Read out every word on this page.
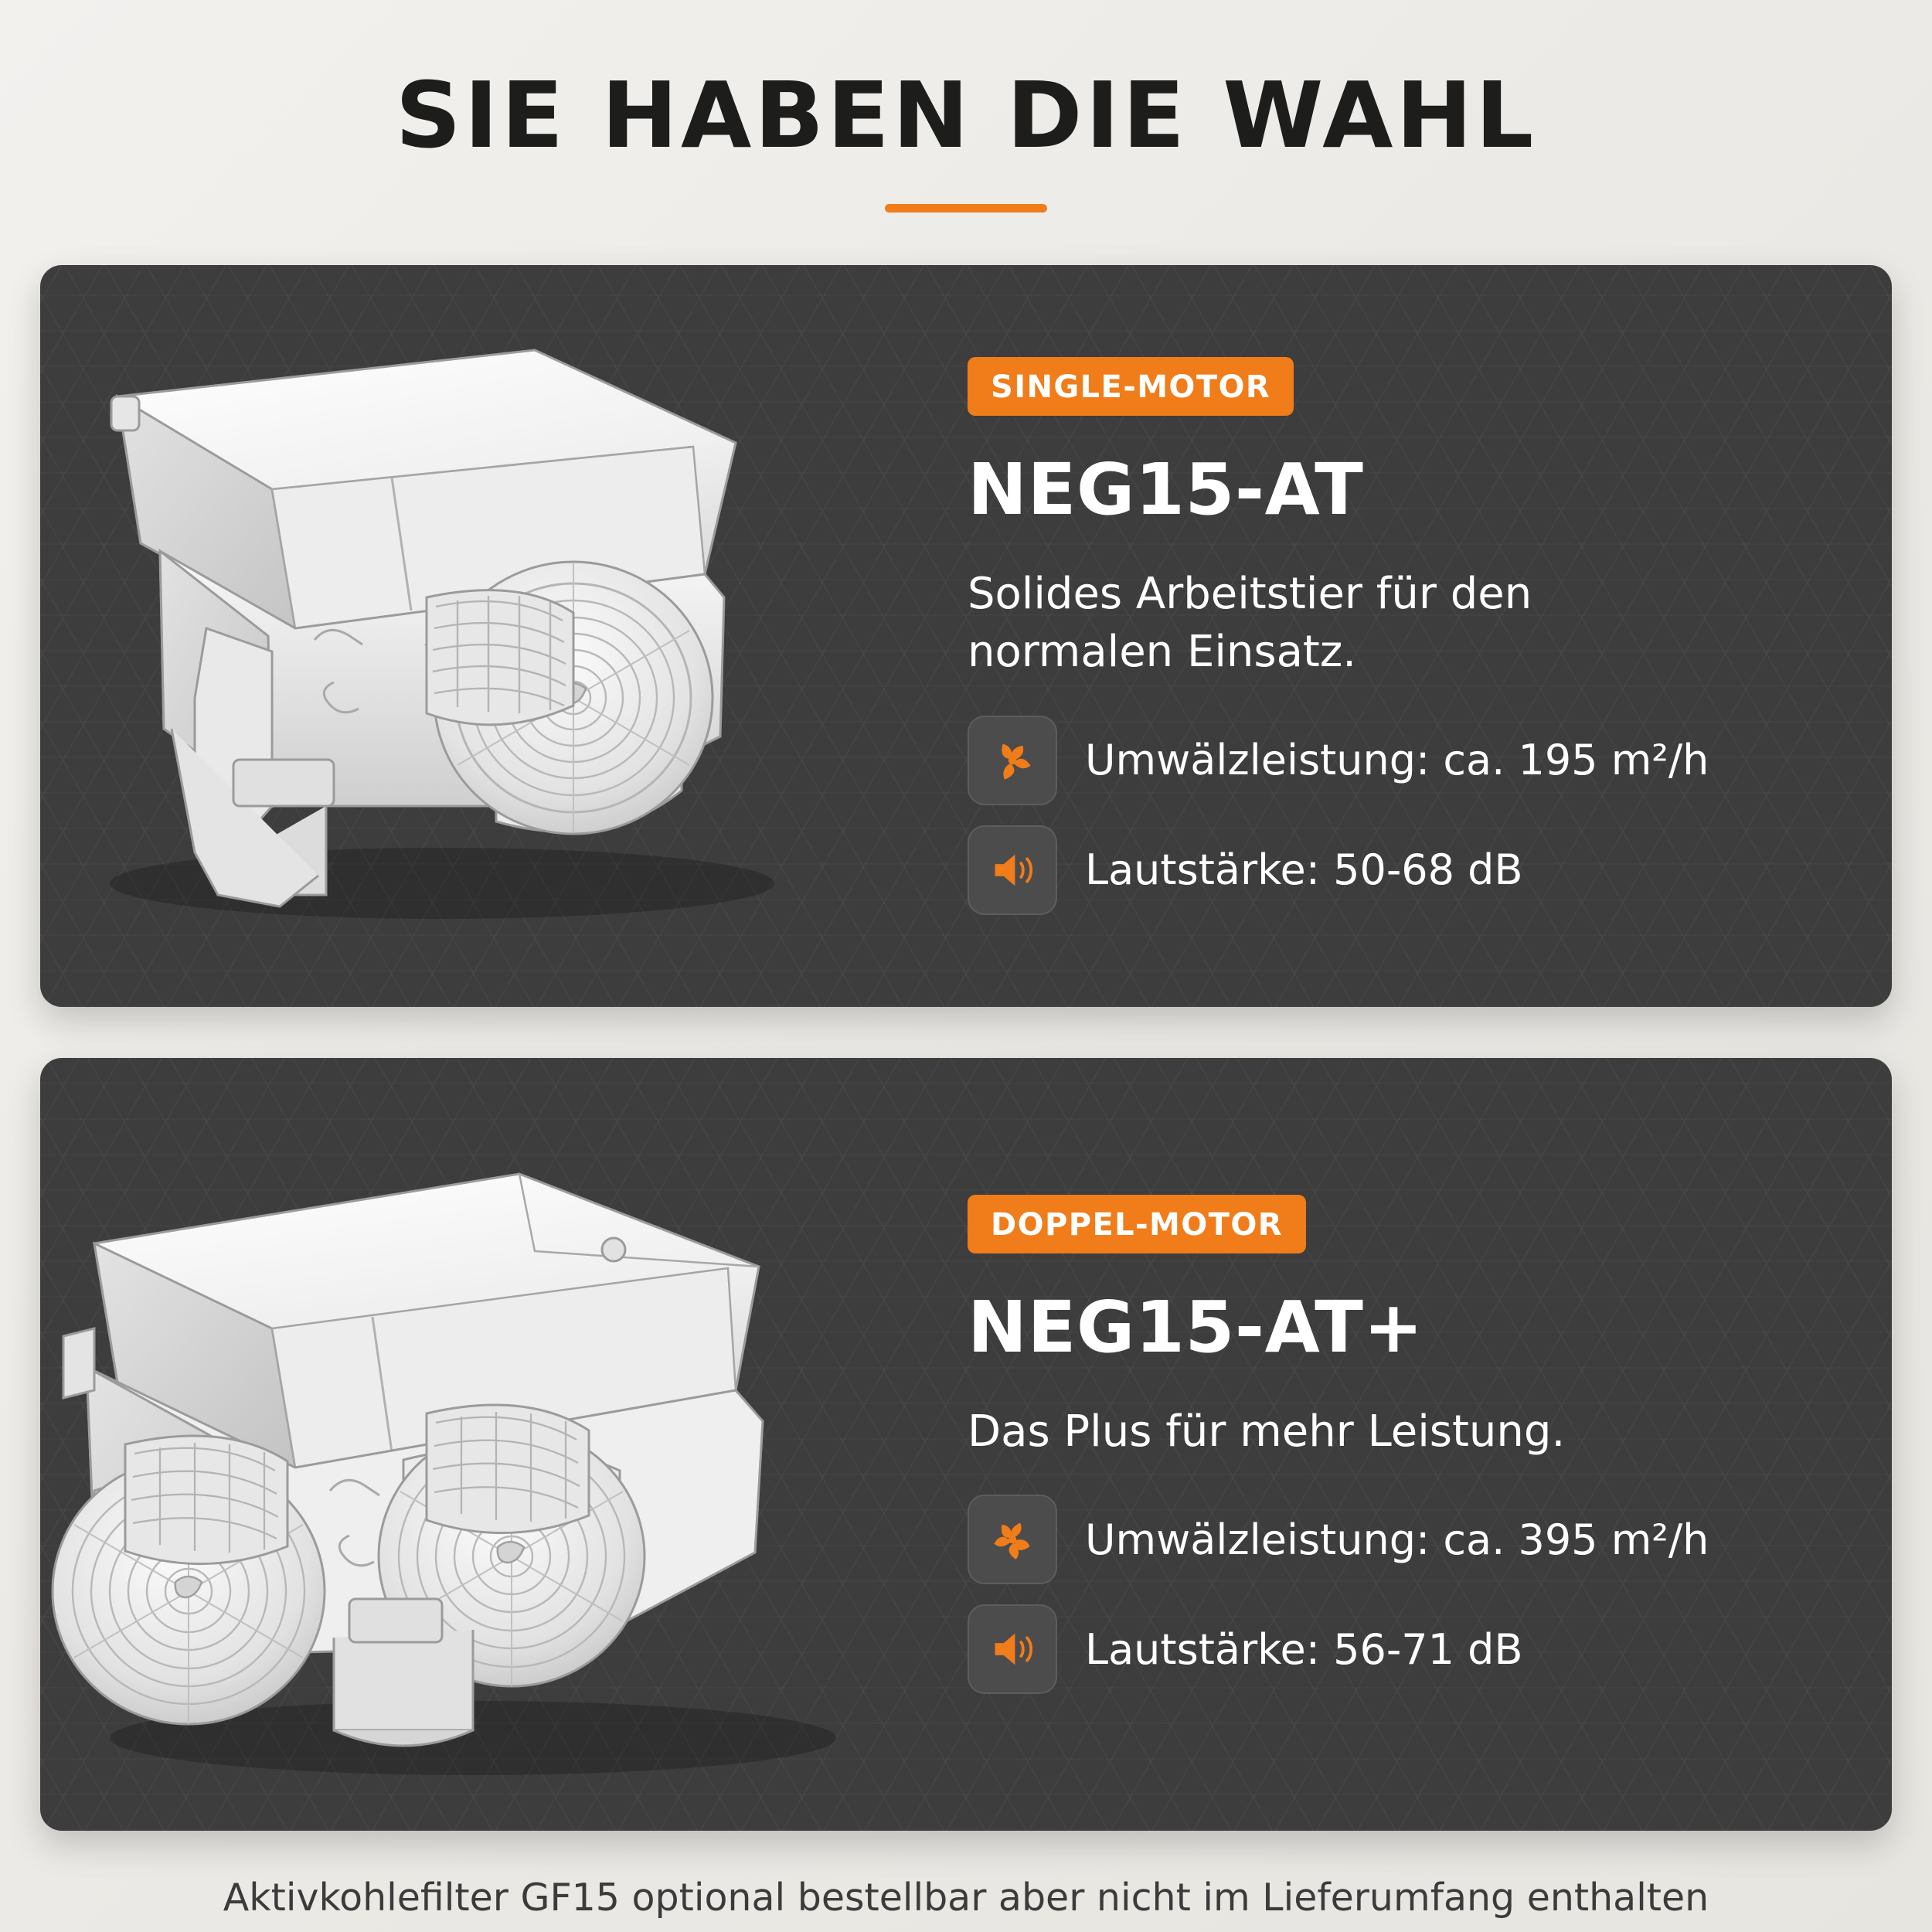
SIE HABEN DIE WAHL
SINGLE-MOTOR
NEG15-AT
Solides Arbeitstier für den normalen Einsatz.
Umwälzleistung: ca. 195 m²/h
Lautstärke: 50-68 dB
DOPPEL-MOTOR
NEG15-AT+
Das Plus für mehr Leistung.
Umwälzleistung: ca. 395 m²/h
Lautstärke: 56-71 dB
Aktivkohlefilter GF15 optional bestellbar aber nicht im Lieferumfang enthalten
